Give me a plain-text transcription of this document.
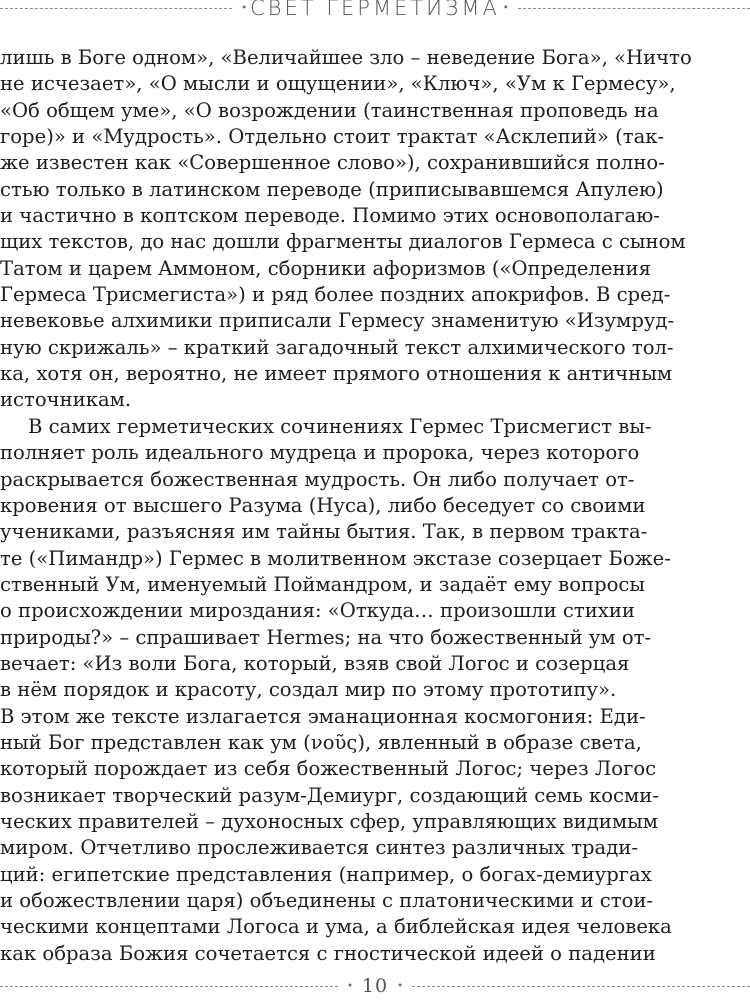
• СВЕТ ГЕРМЕТИЗМА •
лишь в Боге одном», «Величайшее зло – неведение Бога», «Ничто
не исчезает», «О мысли и ощущении», «Ключ», «Ум к Гермесу»,
«Об общем уме», «О возрождении (таинственная проповедь на
горе)» и «Мудрость». Отдельно стоит трактат «Асклепий» (так-
же известен как «Совершенное слово»), сохранившийся полно-
стью только в латинском переводе (приписывавшемся Апулею)
и частично в коптском переводе. Помимо этих основополагаю-
щих текстов, до нас дошли фрагменты диалогов Гермеса с сыном
Татом и царем Аммоном, сборники афоризмов («Определения
Гермеса Трисмегиста») и ряд более поздних апокрифов. В сред-
невековье алхимики приписали Гермесу знаменитую «Изумруд-
ную скрижаль» – краткий загадочный текст алхимического тол-
ка, хотя он, вероятно, не имеет прямого отношения к античным
источникам.
В самих герметических сочинениях Гермес Трисмегист вы-
полняет роль идеального мудреца и пророка, через которого
раскрывается божественная мудрость. Он либо получает от-
кровения от высшего Разума (Нуса), либо беседует со своими
учениками, разъясняя им тайны бытия. Так, в первом тракта-
те («Пимандр») Гермес в молитвенном экстазе созерцает Боже-
ственный Ум, именуемый Поймандром, и задаёт ему вопросы
о происхождении мироздания: «Откуда… произошли стихии
природы?» – спрашивает Hermes; на что божественный ум от-
вечает: «Из воли Бога, который, взяв свой Логос и созерцая
в нём порядок и красоту, создал мир по этому прототипу».
В этом же тексте излагается эманационная космогония: Еди-
ный Бог представлен как ум (νοῦς), явленный в образе света,
который порождает из себя божественный Логос; через Логос
возникает творческий разум-Демиург, создающий семь косми-
ческих правителей – духоносных сфер, управляющих видимым
миром. Отчетливо прослеживается синтез различных тради-
ций: египетские представления (например, о богах-демиургах
и обожествлении царя) объединены с платоническими и стои-
ческими концептами Логоса и ума, а библейская идея человека
как образа Божия сочетается с гностической идеей о падении
• 10 •
